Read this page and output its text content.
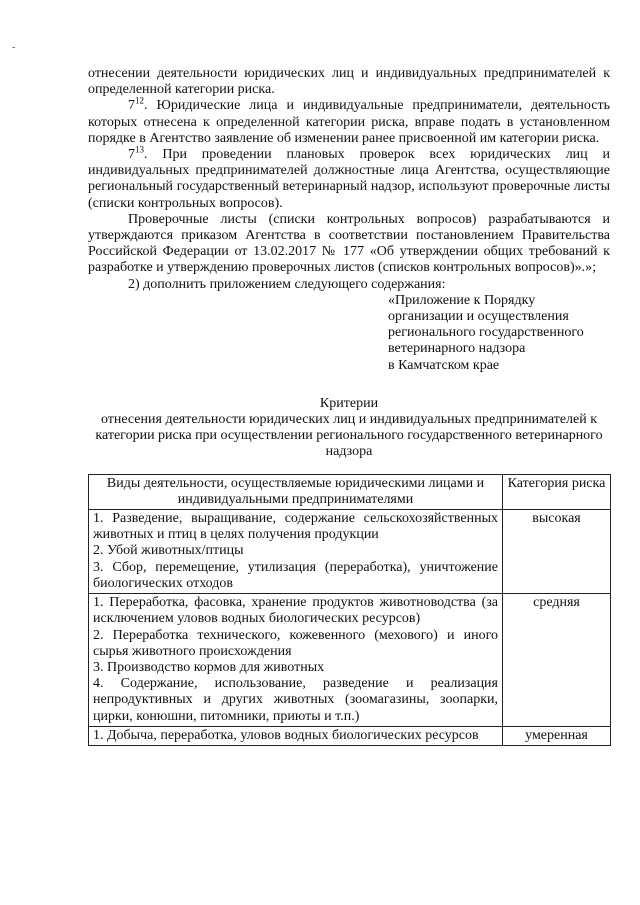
-

отнесении деятельности юридических лиц и индивидуальных предпринимателей к определенной категории риска.

$7^{12}$. Юридические лица и индивидуальные предприниматели, деятельность которых отнесена к определенной категории риска, вправе подать в установленном порядке в Агентство заявление об изменении ранее присвоенной им категории риска.

$7^{13}$. При проведении плановых проверок всех юридических лиц и индивидуальных предпринимателей должностные лица Агентства, осуществляющие региональный государственный ветеринарный надзор, используют проверочные листы (списки контрольных вопросов).

Проверочные листы (списки контрольных вопросов) разрабатываются и утверждаются приказом Агентства в соответствии постановлением Правительства Российской Федерации от 13.02.2017 № 177 «Об утверждении общих требований к разработке и утверждению проверочных листов (списков контрольных вопросов)».»;

2) дополнить приложением следующего содержания:

«Приложение к Порядку
организации и осуществления
регионального государственного
ветеринарного надзора
в Камчатском крае
Критерии
отнесения деятельности юридических лиц и индивидуальных предпринимателей к категории риска при осуществлении регионального государственного ветеринарного надзора
Виды деятельности, осуществляемые юридическими лицами и индивидуальными предпринимателями	Категория риска

1. Разведение, выращивание, содержание сельскохозяйственных животных и птиц в целях получения продукции
2. Убой животных/птицы
3. Сбор, перемещение, утилизация (переработка), уничтожение биологических отходов	высокая

1. Переработка, фасовка, хранение продуктов животноводства (за исключением уловов водных биологических ресурсов)
2. Переработка технического, кожевенного (мехового) и иного сырья животного происхождения
3. Производство кормов для животных
4. Содержание, использование, разведение и реализация непродуктивных и других животных (зоомагазины, зоопарки, цирки, конюшни, питомники, приюты и т.п.)	средняя

1. Добыча, переработка, уловов водных биологических ресурсов	умеренная
